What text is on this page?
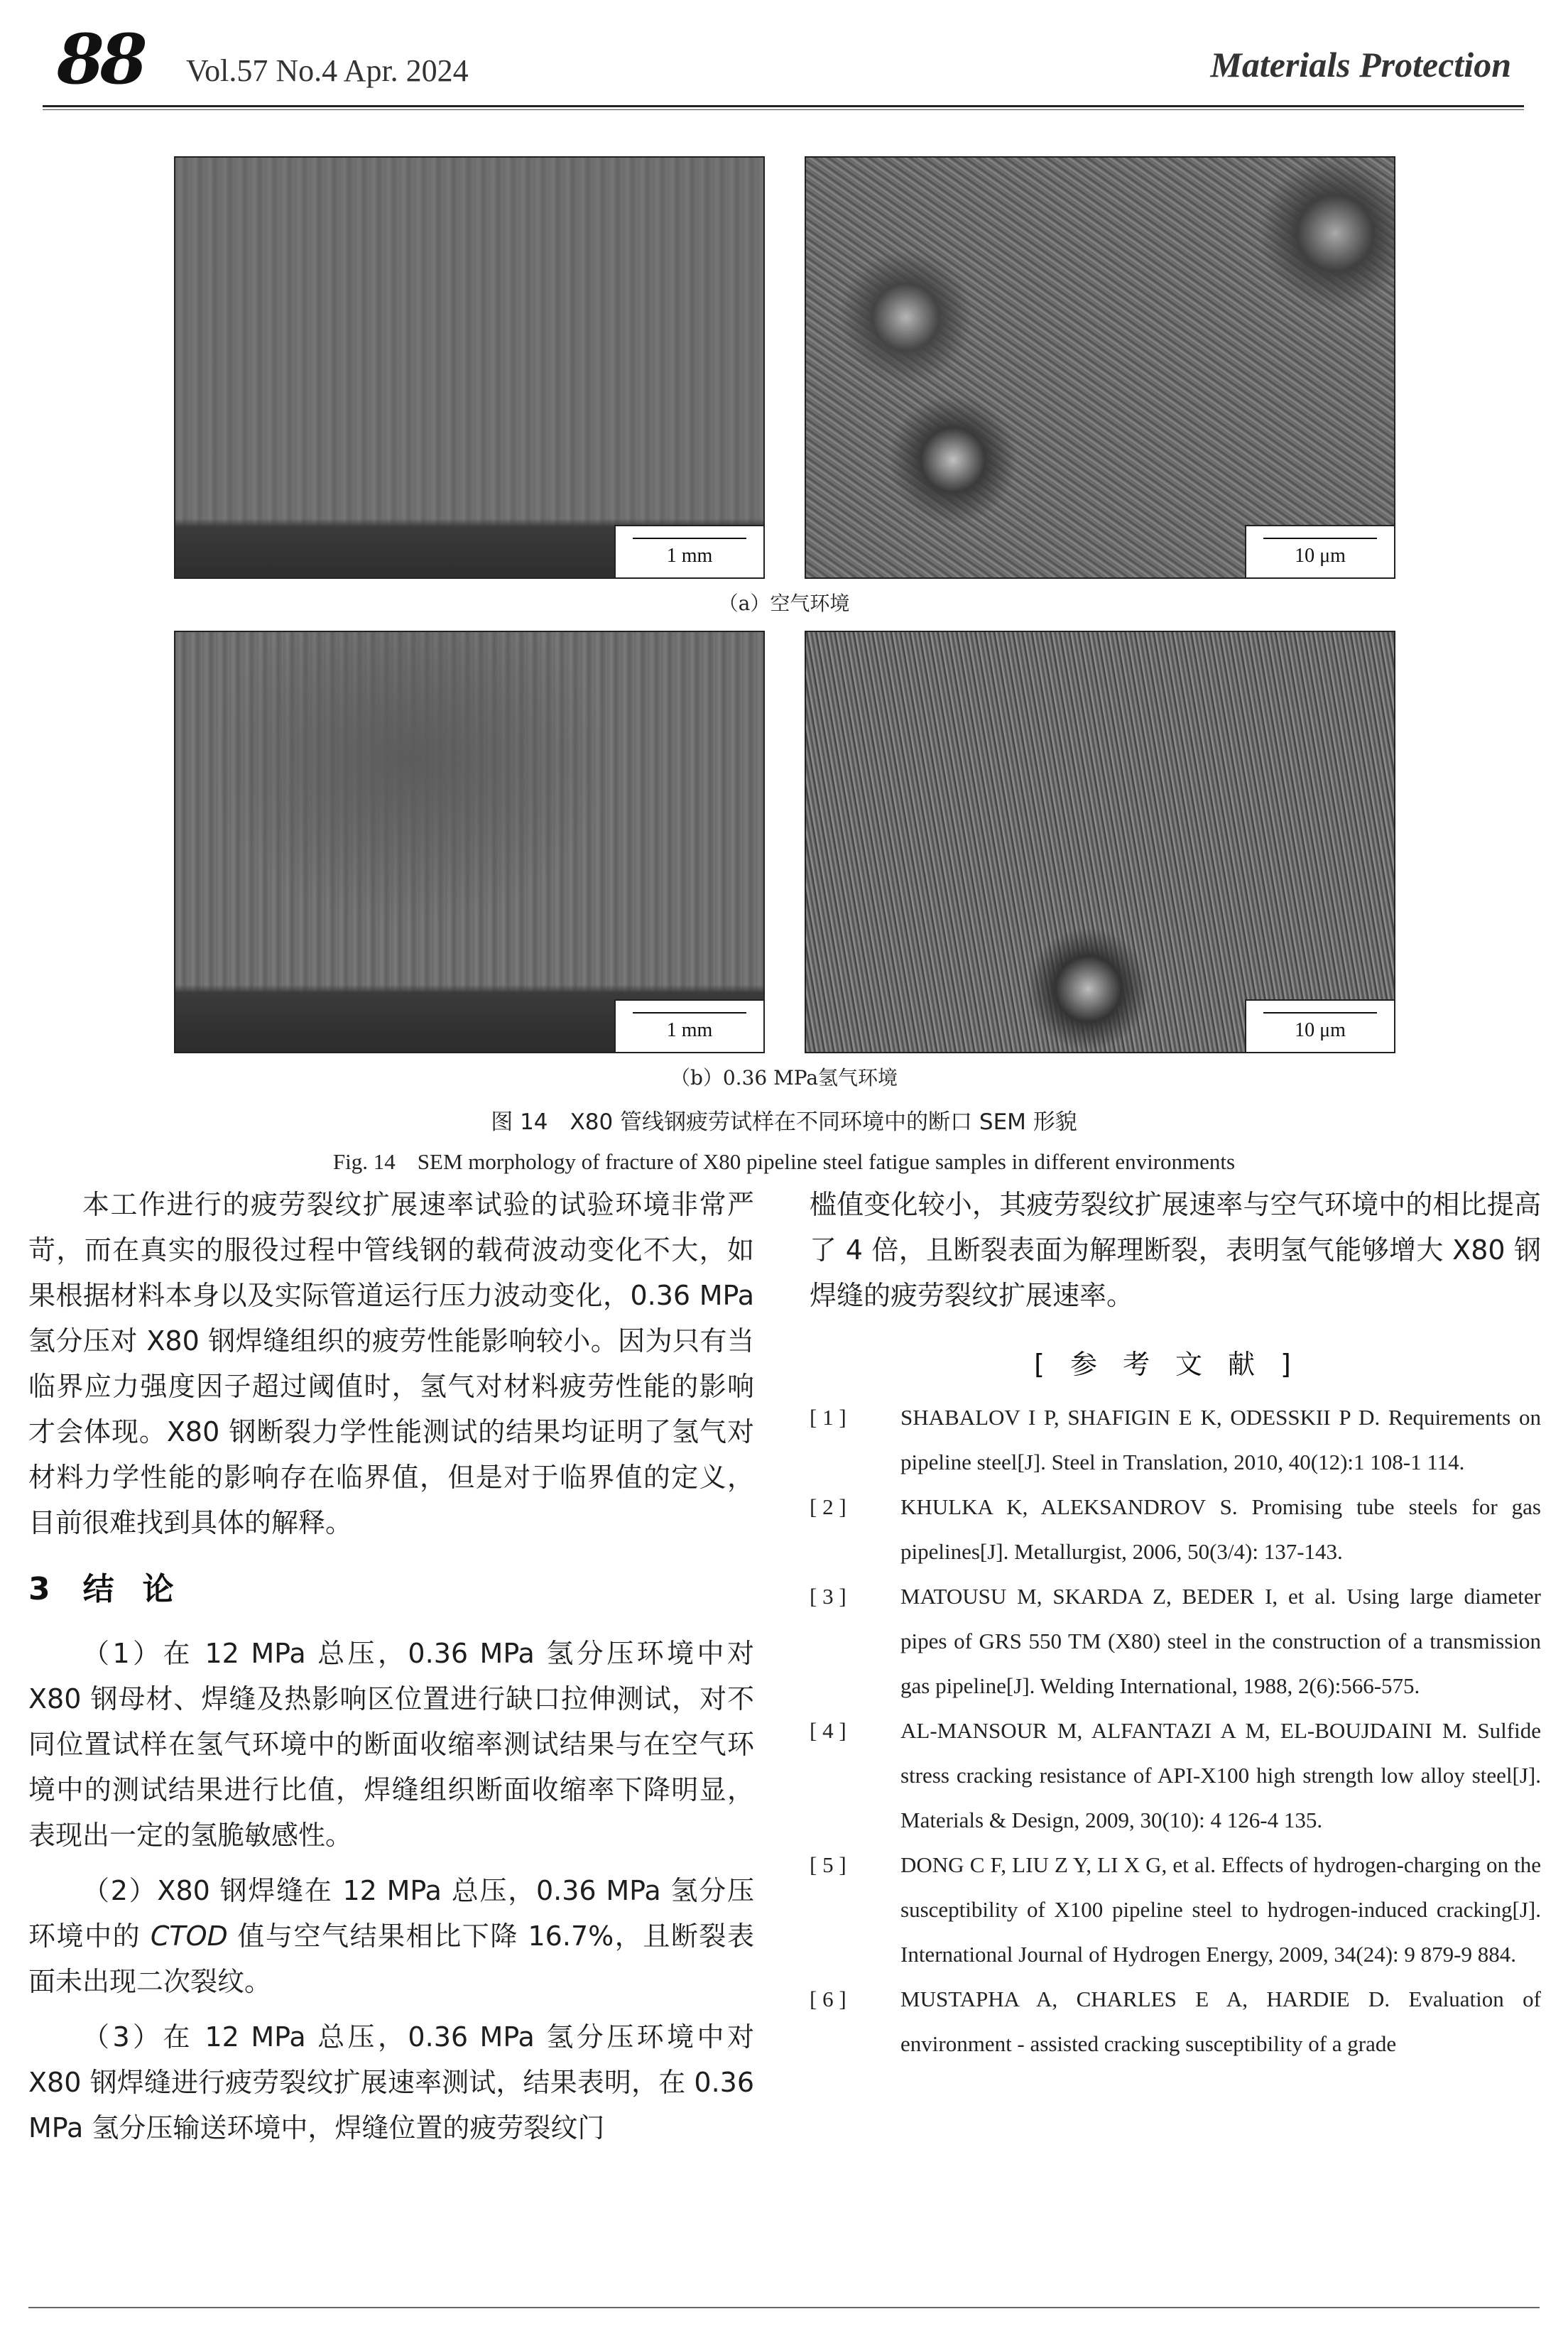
88 Vol.57 No.4 Apr. 2024	Materials Protection
1 mm	10 μm
（a）空气环境
1 mm	10 μm
（b）0.36 MPa氢气环境
图 14　X80 管线钢疲劳试样在不同环境中的断口 SEM 形貌
Fig. 14　SEM morphology of fracture of X80 pipeline steel fatigue samples in different environments

本工作进行的疲劳裂纹扩展速率试验的试验环境非常严苛，而在真实的服役过程中管线钢的载荷波动变化不大，如果根据材料本身以及实际管道运行压力波动变化，0.36 MPa 氢分压对 X80 钢焊缝组织的疲劳性能影响较小。因为只有当临界应力强度因子超过阈值时，氢气对材料疲劳性能的影响才会体现。X80 钢断裂力学性能测试的结果均证明了氢气对材料力学性能的影响存在临界值，但是对于临界值的定义，目前很难找到具体的解释。

3 结 论

（1）在 12 MPa 总压，0.36 MPa 氢分压环境中对 X80 钢母材、焊缝及热影响区位置进行缺口拉伸测试，对不同位置试样在氢气环境中的断面收缩率测试结果与在空气环境中的测试结果进行比值，焊缝组织断面收缩率下降明显，表现出一定的氢脆敏感性。

（2）X80 钢焊缝在 12 MPa 总压，0.36 MPa 氢分压环境中的 CTOD 值与空气结果相比下降 16.7%，且断裂表面未出现二次裂纹。

（3）在 12 MPa 总压，0.36 MPa 氢分压环境中对 X80 钢焊缝进行疲劳裂纹扩展速率测试，结果表明，在 0.36 MPa 氢分压输送环境中，焊缝位置的疲劳裂纹门

槛值变化较小，其疲劳裂纹扩展速率与空气环境中的相比提高了 4 倍，且断裂表面为解理断裂，表明氢气能够增大 X80 钢焊缝的疲劳裂纹扩展速率。

[参考文献]
[ 1 ] SHABALOV I P, SHAFIGIN E K, ODESSKII P D. Requirements on pipeline steel[J]. Steel in Translation, 2010, 40(12):1 108-1 114.
[ 2 ] KHULKA K, ALEKSANDROV S. Promising tube steels for gas pipelines[J]. Metallurgist, 2006, 50(3/4): 137-143.
[ 3 ] MATOUSU M, SKARDA Z, BEDER I, et al. Using large diameter pipes of GRS 550 TM (X80) steel in the construction of a transmission gas pipeline[J]. Welding International, 1988, 2(6):566-575.
[ 4 ] AL-MANSOUR M, ALFANTAZI A M, EL-BOUJDAINI M. Sulfide stress cracking resistance of API-X100 high strength low alloy steel[J]. Materials & Design, 2009, 30(10): 4 126-4 135.
[ 5 ] DONG C F, LIU Z Y, LI X G, et al. Effects of hydrogen-charging on the susceptibility of X100 pipeline steel to hydrogen-induced cracking[J]. International Journal of Hydrogen Energy, 2009, 34(24): 9 879-9 884.
[ 6 ] MUSTAPHA A, CHARLES E A, HARDIE D. Evaluation of environment - assisted cracking susceptibility of a grade
